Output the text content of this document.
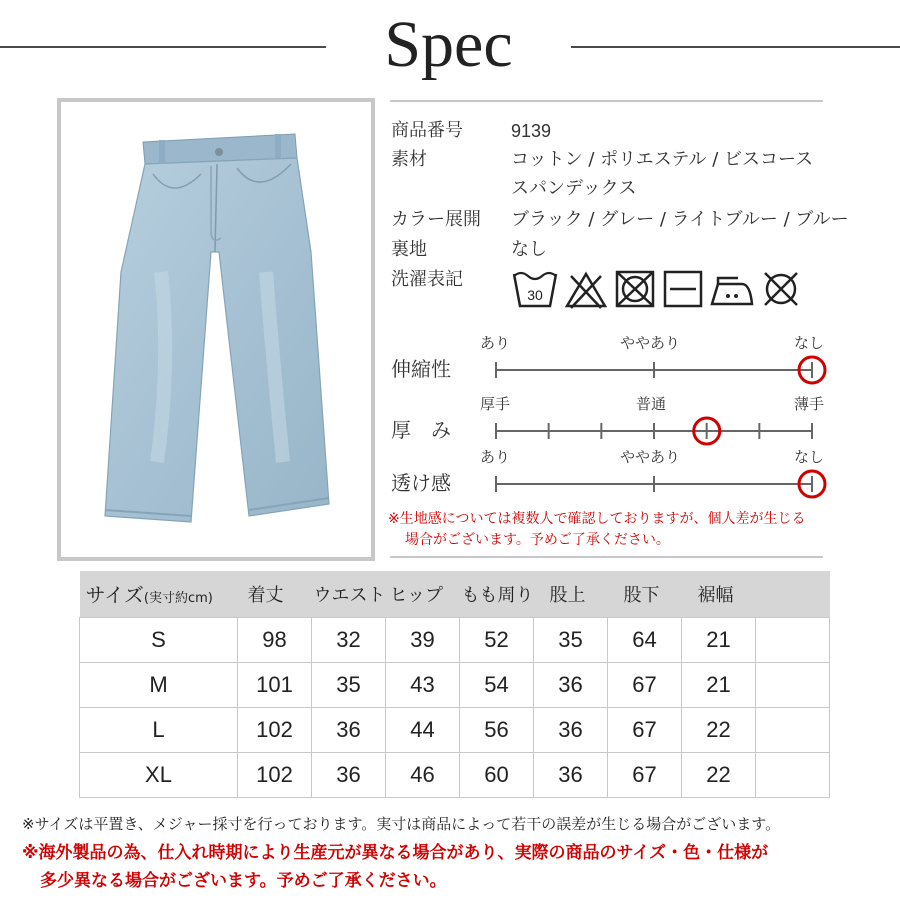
Spec
商品番号	9139
素材	コットン / ポリエステル / ビスコース
スパンデックス
カラー展開 ブラック / グレー / ライトブルー / ブルー
裏地	なし
洗濯表記
30
あり	ややあり	なし
伸縮性
厚手	普通	薄手
厚　み
あり	ややあり	なし
透け感
※生地感については複数人で確認しておりますが、個人差が生じる
場合がございます。予めご了承ください。
サイズ(実寸約cm)	着丈	ウエスト	ヒップ	もも周り	股上	股下	裾幅	
S	98	32	39	52	35	64	21	
M	101	35	43	54	36	67	21	
L	102	36	44	56	36	67	22	
XL	102	36	46	60	36	67	22	
※サイズは平置き、メジャー採寸を行っております。実寸は商品によって若干の誤差が生じる場合がございます。
※海外製品の為、仕入れ時期により生産元が異なる場合があり、実際の商品のサイズ・色・仕様が
多少異なる場合がございます。予めご了承ください。
